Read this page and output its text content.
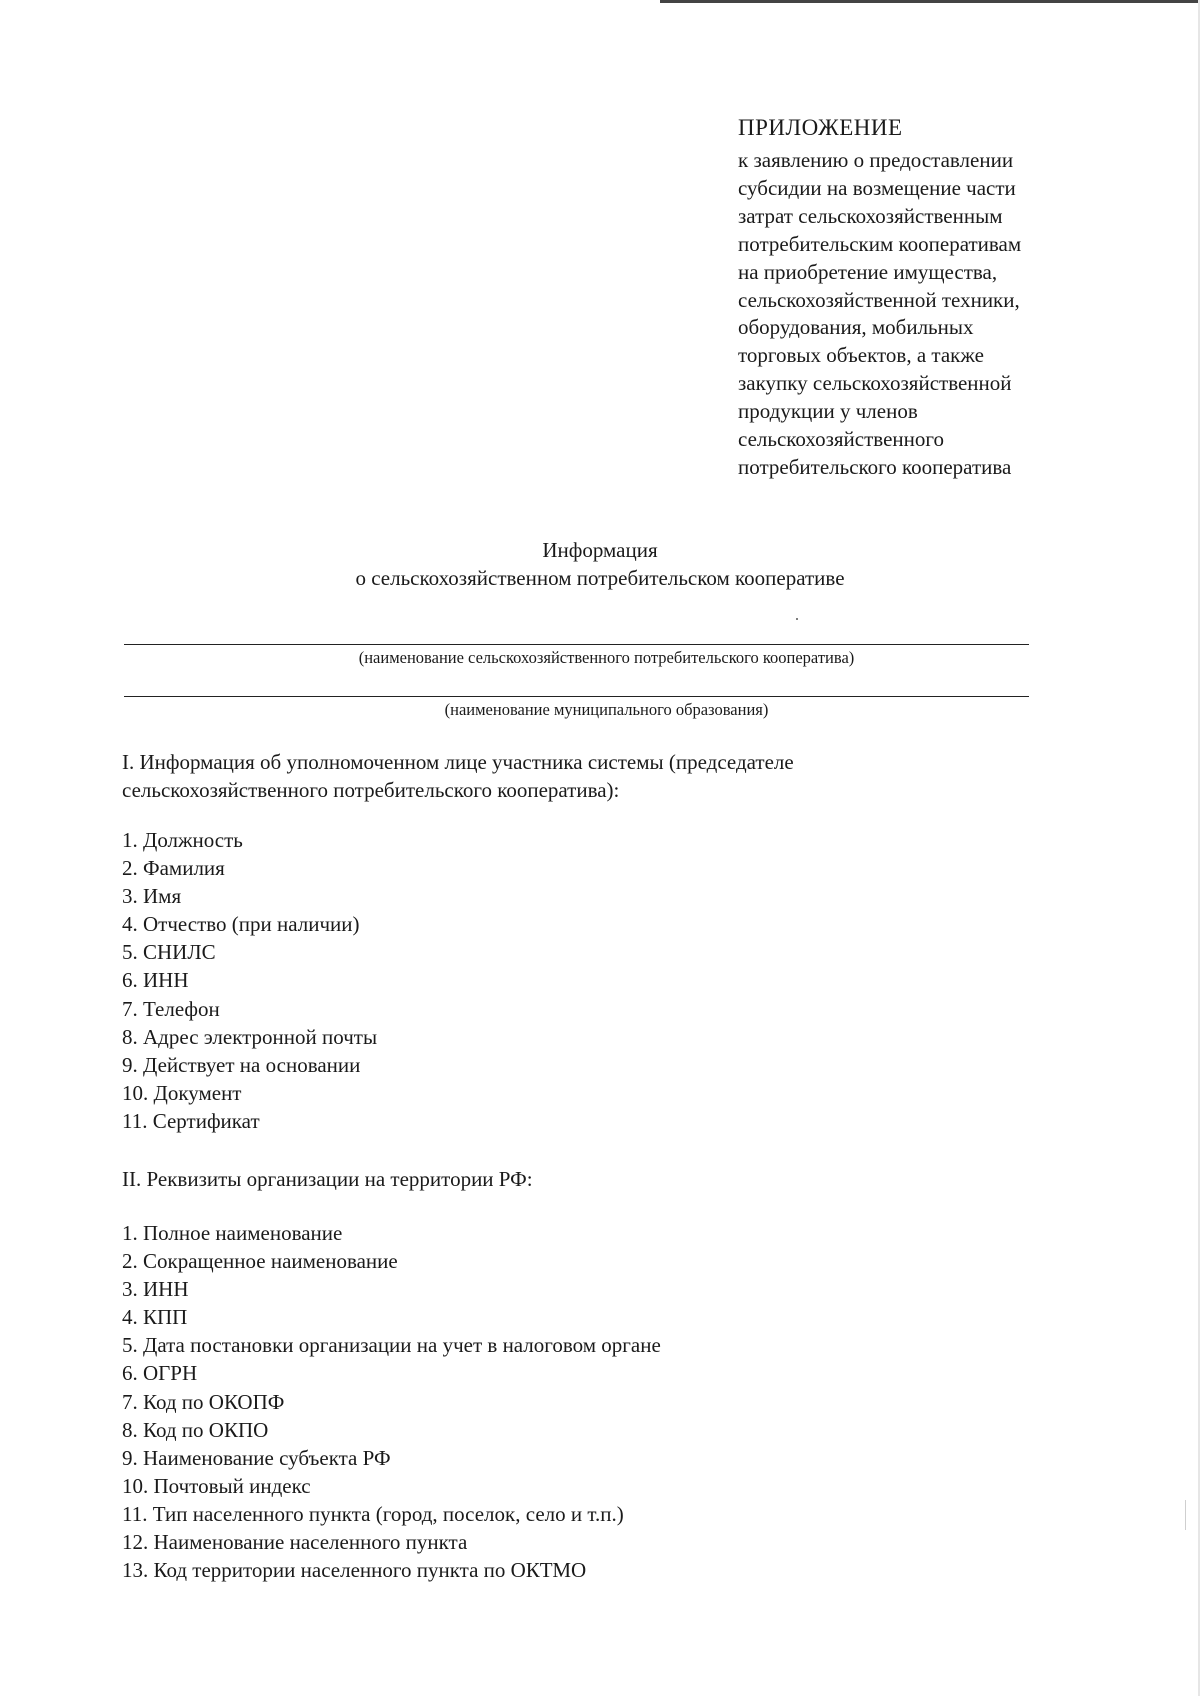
ПРИЛОЖЕНИЕ
к заявлению о предоставлении
субсидии на возмещение части
затрат сельскохозяйственным
потребительским кооперативам
на приобретение имущества,
сельскохозяйственной техники,
оборудования, мобильных
торговых объектов, а также
закупку сельскохозяйственной
продукции у членов
сельскохозяйственного
потребительского кооператива
Информация
о сельскохозяйственном потребительском кооперативе
(наименование сельскохозяйственного потребительского кооператива)
(наименование муниципального образования)
I. Информация об уполномоченном лице участника системы (председателе
сельскохозяйственного потребительского кооператива):
1. Должность
2. Фамилия
3. Имя
4. Отчество (при наличии)
5. СНИЛС
6. ИНН
7. Телефон
8. Адрес электронной почты
9. Действует на основании
10. Документ
11. Сертификат
II. Реквизиты организации на территории РФ:
1. Полное наименование
2. Сокращенное наименование
3. ИНН
4. КПП
5. Дата постановки организации на учет в налоговом органе
6. ОГРН
7. Код по ОКОПФ
8. Код по ОКПО
9. Наименование субъекта РФ
10. Почтовый индекс
11. Тип населенного пункта (город, поселок, село и т.п.)
12. Наименование населенного пункта
13. Код территории населенного пункта по ОКТМО
